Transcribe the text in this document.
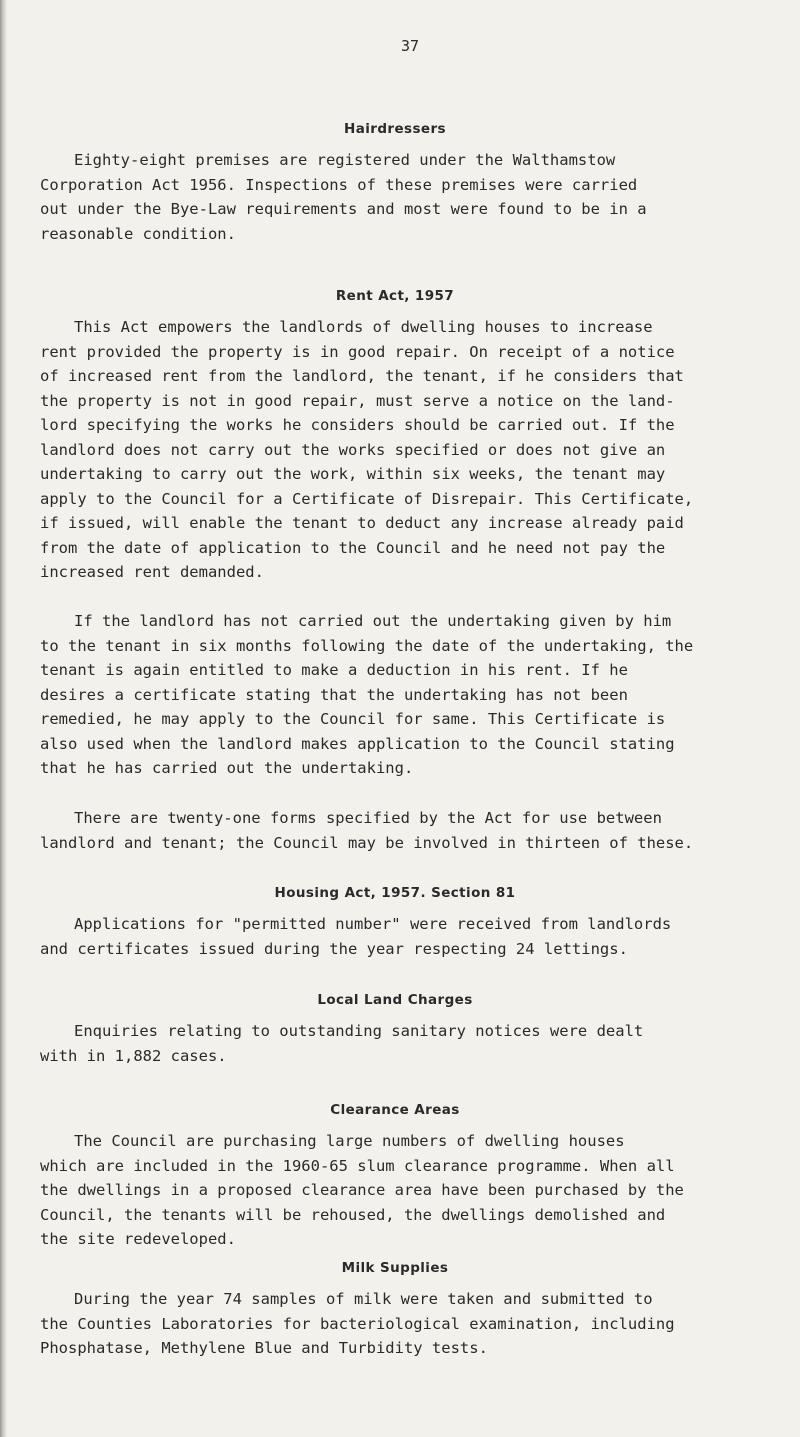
37
Hairdressers

Eighty-eight premises are registered under the Walthamstow
Corporation Act 1956. Inspections of these premises were carried
out under the Bye-Law requirements and most were found to be in a
reasonable condition.

Rent Act, 1957

This Act empowers the landlords of dwelling houses to increase
rent provided the property is in good repair. On receipt of a notice
of increased rent from the landlord, the tenant, if he considers that
the property is not in good repair, must serve a notice on the land-
lord specifying the works he considers should be carried out. If the
landlord does not carry out the works specified or does not give an
undertaking to carry out the work, within six weeks, the tenant may
apply to the Council for a Certificate of Disrepair. This Certificate,
if issued, will enable the tenant to deduct any increase already paid
from the date of application to the Council and he need not pay the
increased rent demanded.

If the landlord has not carried out the undertaking given by him
to the tenant in six months following the date of the undertaking, the
tenant is again entitled to make a deduction in his rent. If he
desires a certificate stating that the undertaking has not been
remedied, he may apply to the Council for same. This Certificate is
also used when the landlord makes application to the Council stating
that he has carried out the undertaking.

There are twenty-one forms specified by the Act for use between
landlord and tenant; the Council may be involved in thirteen of these.

Housing Act, 1957. Section 81

Applications for "permitted number" were received from landlords
and certificates issued during the year respecting 24 lettings.

Local Land Charges

Enquiries relating to outstanding sanitary notices were dealt
with in 1,882 cases.

Clearance Areas

The Council are purchasing large numbers of dwelling houses
which are included in the 1960-65 slum clearance programme. When all
the dwellings in a proposed clearance area have been purchased by the
Council, the tenants will be rehoused, the dwellings demolished and
the site redeveloped.

Milk Supplies

During the year 74 samples of milk were taken and submitted to
the Counties Laboratories for bacteriological examination, including
Phosphatase, Methylene Blue and Turbidity tests.
